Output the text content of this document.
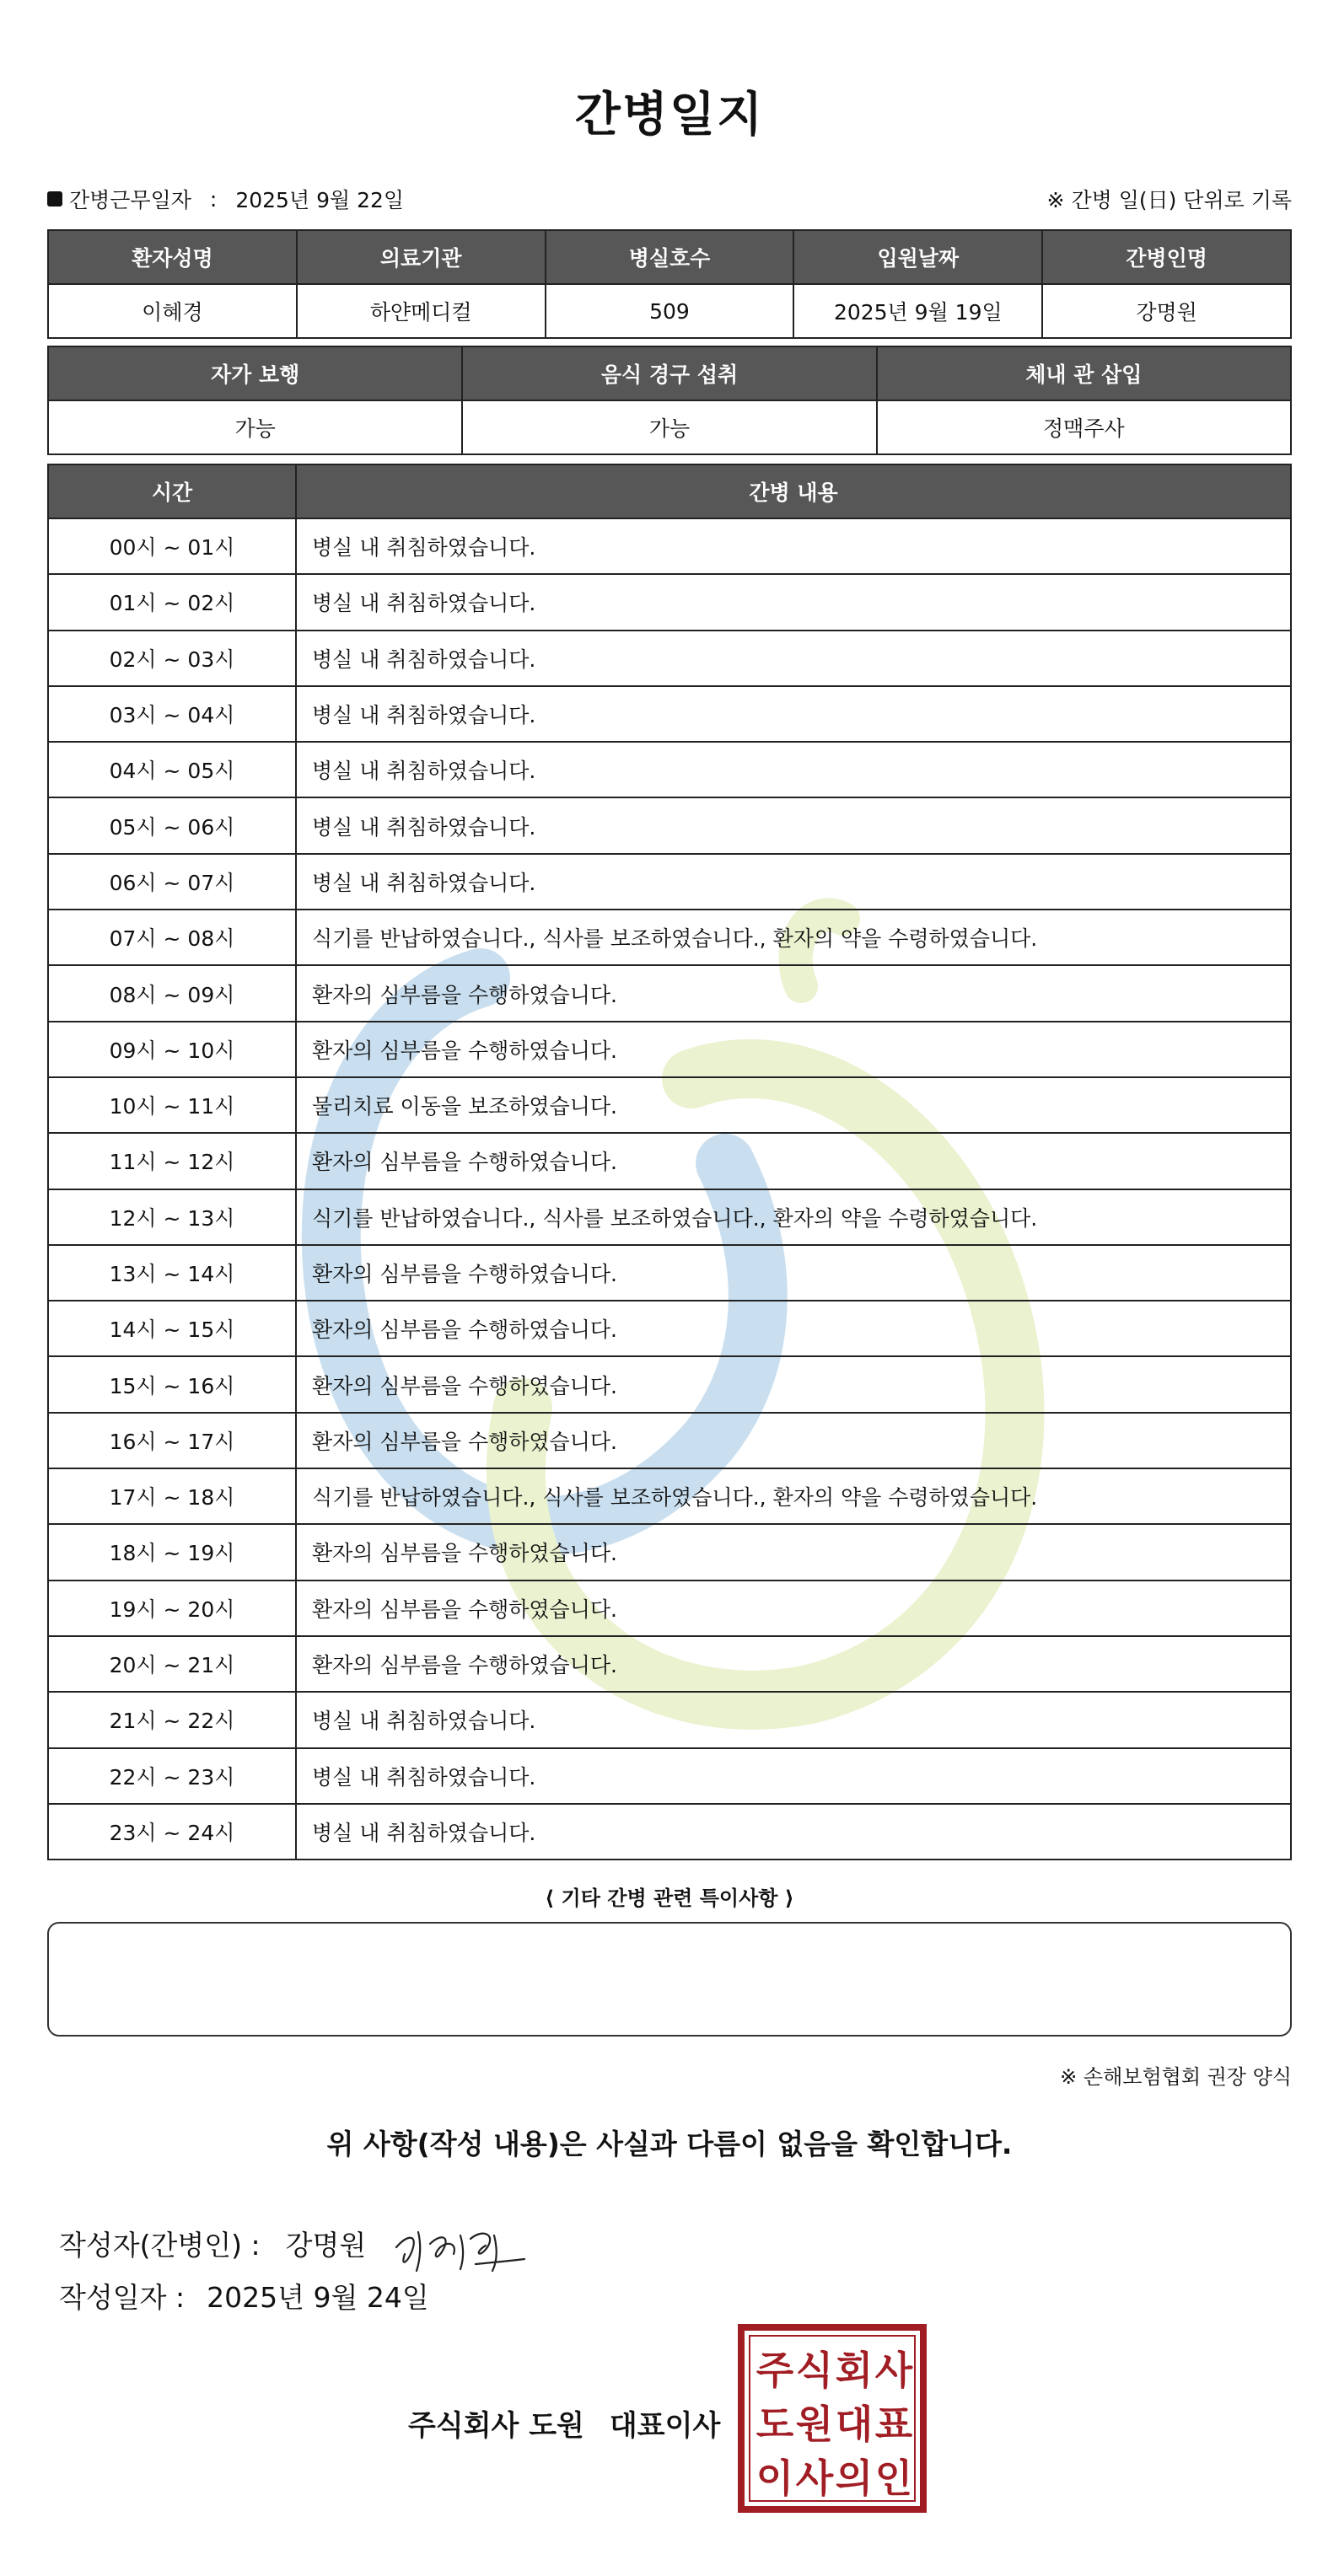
간병일지
간병근무일자 : 2025년 9월 22일	※ 간병 일(日) 단위로 기록
환자성명	의료기관	병실호수	입원날짜	간병인명
이혜경	하얀메디컬	509	2025년 9월 19일	강명원
자가 보행	음식 경구 섭취	체내 관 삽입
가능	가능	정맥주사
시간	간병 내용
00시 ~ 01시	병실 내 취침하였습니다.
01시 ~ 02시	병실 내 취침하였습니다.
02시 ~ 03시	병실 내 취침하였습니다.
03시 ~ 04시	병실 내 취침하였습니다.
04시 ~ 05시	병실 내 취침하였습니다.
05시 ~ 06시	병실 내 취침하였습니다.
06시 ~ 07시	병실 내 취침하였습니다.
07시 ~ 08시	식기를 반납하였습니다., 식사를 보조하였습니다., 환자의 약을 수령하였습니다.
08시 ~ 09시	환자의 심부름을 수행하였습니다.
09시 ~ 10시	환자의 심부름을 수행하였습니다.
10시 ~ 11시	물리치료 이동을 보조하였습니다.
11시 ~ 12시	환자의 심부름을 수행하였습니다.
12시 ~ 13시	식기를 반납하였습니다., 식사를 보조하였습니다., 환자의 약을 수령하였습니다.
13시 ~ 14시	환자의 심부름을 수행하였습니다.
14시 ~ 15시	환자의 심부름을 수행하였습니다.
15시 ~ 16시	환자의 심부름을 수행하였습니다.
16시 ~ 17시	환자의 심부름을 수행하였습니다.
17시 ~ 18시	식기를 반납하였습니다., 식사를 보조하였습니다., 환자의 약을 수령하였습니다.
18시 ~ 19시	환자의 심부름을 수행하였습니다.
19시 ~ 20시	환자의 심부름을 수행하였습니다.
20시 ~ 21시	환자의 심부름을 수행하였습니다.
21시 ~ 22시	병실 내 취침하였습니다.
22시 ~ 23시	병실 내 취침하였습니다.
23시 ~ 24시	병실 내 취침하였습니다.
⟨ 기타 간병 관련 특이사항 ⟩
※ 손해보험협회 권장 양식
위 사항(작성 내용)은 사실과 다름이 없음을 확인합니다.
작성자(간병인) : 강명원
작성일자 : 2025년 9월 24일
주식회사 도원 대표이사
주 식 회 사
도 원 대 표
이 사 의 인
